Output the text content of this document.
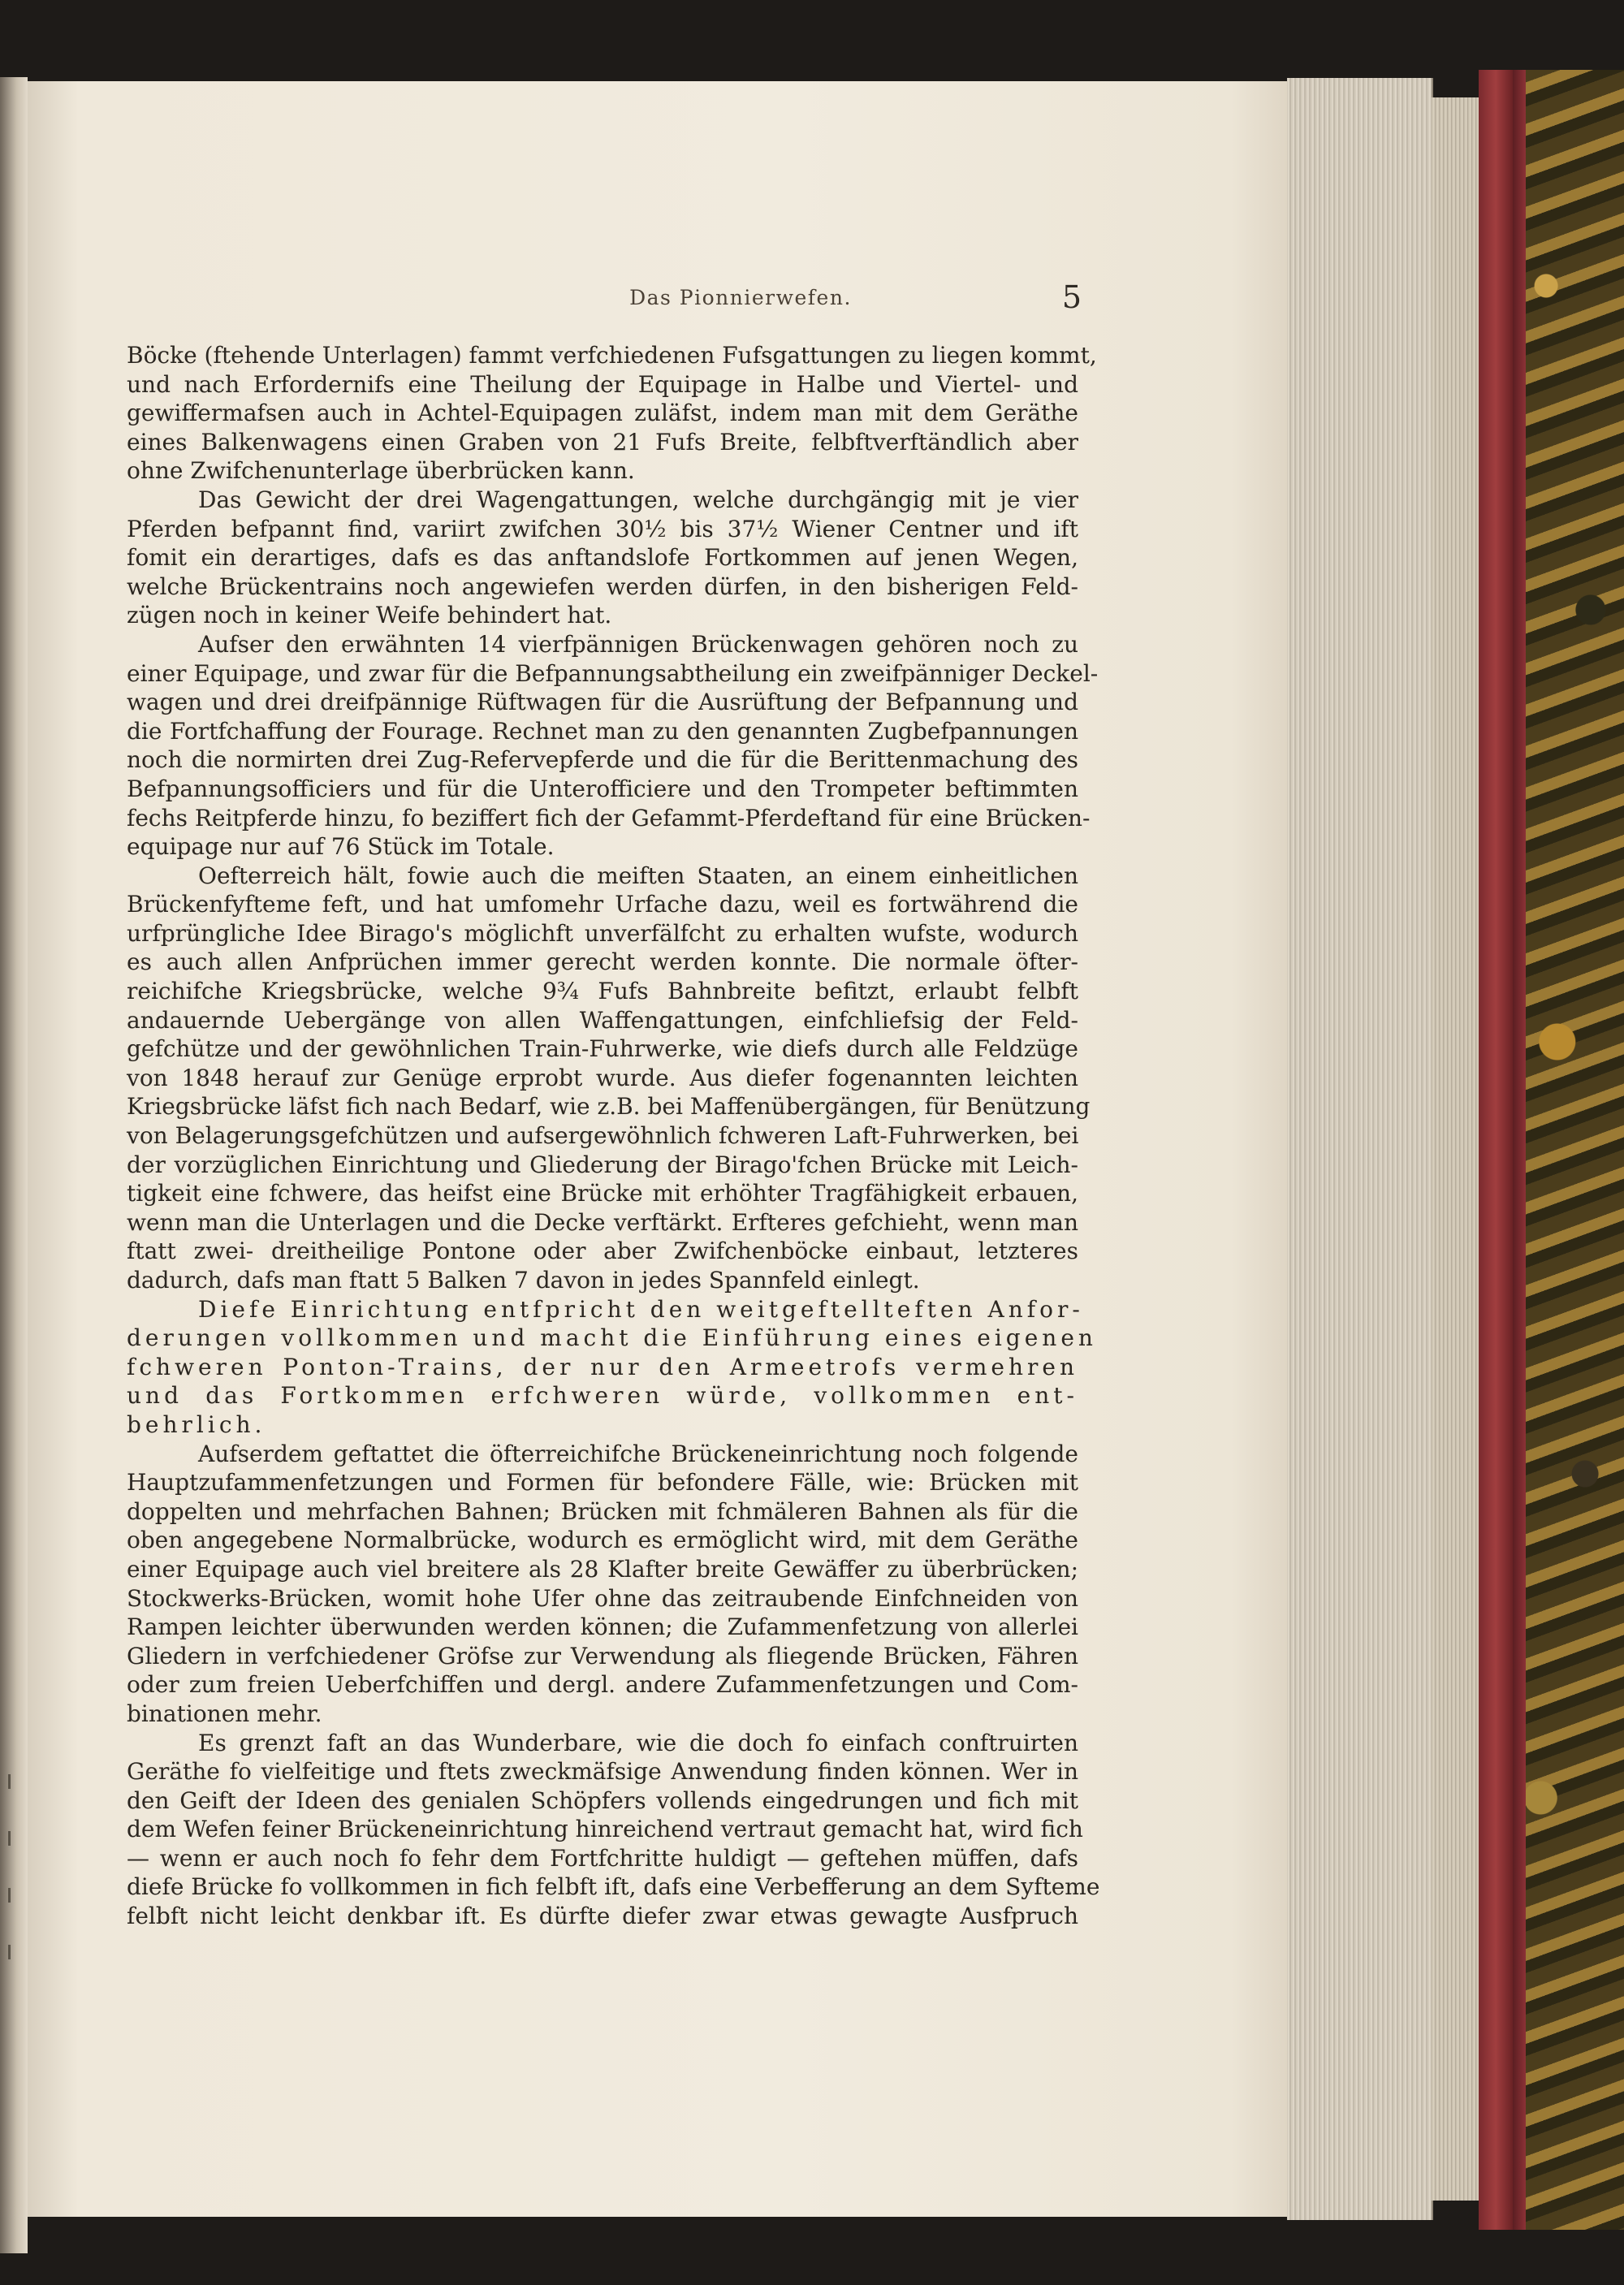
Das Pionnierwefen.	5
Böcke (ftehende Unterlagen) fammt verfchiedenen Fufsgattungen zu liegen kommt,
und nach Erfordernifs eine Theilung der Equipage in Halbe und Viertel- und
gewiffermafsen auch in Achtel-Equipagen zuläfst, indem man mit dem Geräthe
eines Balkenwagens einen Graben von 21 Fufs Breite, felbftverftändlich aber
ohne Zwifchenunterlage überbrücken kann.
Das Gewicht der drei Wagengattungen, welche durchgängig mit je vier
Pferden befpannt find, variirt zwifchen 30½ bis 37½ Wiener Centner und ift
fomit ein derartiges, dafs es das anftandslofe Fortkommen auf jenen Wegen,
welche Brückentrains noch angewiefen werden dürfen, in den bisherigen Feld-
zügen noch in keiner Weife behindert hat.
Aufser den erwähnten 14 vierfpännigen Brückenwagen gehören noch zu
einer Equipage, und zwar für die Befpannungsabtheilung ein zweifpänniger Deckel-
wagen und drei dreifpännige Rüftwagen für die Ausrüftung der Befpannung und
die Fortfchaffung der Fourage. Rechnet man zu den genannten Zugbefpannungen
noch die normirten drei Zug-Refervepferde und die für die Berittenmachung des
Befpannungsofficiers und für die Unterofficiere und den Trompeter beftimmten
fechs Reitpferde hinzu, fo beziffert fich der Gefammt-Pferdeftand für eine Brücken-
equipage nur auf 76 Stück im Totale.
Oefterreich hält, fowie auch die meiften Staaten, an einem einheitlichen
Brückenfyfteme feft, und hat umfomehr Urfache dazu, weil es fortwährend die
urfprüngliche Idee Birago's möglichft unverfälfcht zu erhalten wufste, wodurch
es auch allen Anfprüchen immer gerecht werden konnte. Die normale öfter-
reichifche Kriegsbrücke, welche 9¾ Fufs Bahnbreite befitzt, erlaubt felbft
andauernde Uebergänge von allen Waffengattungen, einfchliefsig der Feld-
gefchütze und der gewöhnlichen Train-Fuhrwerke, wie diefs durch alle Feldzüge
von 1848 herauf zur Genüge erprobt wurde. Aus diefer fogenannten leichten
Kriegsbrücke läfst fich nach Bedarf, wie z.B. bei Maffenübergängen, für Benützung
von Belagerungsgefchützen und aufsergewöhnlich fchweren Laft-Fuhrwerken, bei
der vorzüglichen Einrichtung und Gliederung der Birago'fchen Brücke mit Leich-
tigkeit eine fchwere, das heifst eine Brücke mit erhöhter Tragfähigkeit erbauen,
wenn man die Unterlagen und die Decke verftärkt. Erfteres gefchieht, wenn man
ftatt zwei- dreitheilige Pontone oder aber Zwifchenböcke einbaut, letzteres
dadurch, dafs man ftatt 5 Balken 7 davon in jedes Spannfeld einlegt.
Diefe Einrichtung entfpricht den weitgeftellteften Anfor-
derungen vollkommen und macht die Einführung eines eigenen
fchweren Ponton-Trains, der nur den Armeetrofs vermehren
und das Fortkommen erfchweren würde, vollkommen ent-
behrlich.
Aufserdem geftattet die öfterreichifche Brückeneinrichtung noch folgende
Hauptzufammenfetzungen und Formen für befondere Fälle, wie: Brücken mit
doppelten und mehrfachen Bahnen; Brücken mit fchmäleren Bahnen als für die
oben angegebene Normalbrücke, wodurch es ermöglicht wird, mit dem Geräthe
einer Equipage auch viel breitere als 28 Klafter breite Gewäffer zu überbrücken;
Stockwerks-Brücken, womit hohe Ufer ohne das zeitraubende Einfchneiden von
Rampen leichter überwunden werden können; die Zufammenfetzung von allerlei
Gliedern in verfchiedener Gröfse zur Verwendung als fliegende Brücken, Fähren
oder zum freien Ueberfchiffen und dergl. andere Zufammenfetzungen und Com-
binationen mehr.
Es grenzt faft an das Wunderbare, wie die doch fo einfach conftruirten
Geräthe fo vielfeitige und ftets zweckmäfsige Anwendung finden können. Wer in
den Geift der Ideen des genialen Schöpfers vollends eingedrungen und fich mit
dem Wefen feiner Brückeneinrichtung hinreichend vertraut gemacht hat, wird fich
— wenn er auch noch fo fehr dem Fortfchritte huldigt — geftehen müffen, dafs
diefe Brücke fo vollkommen in fich felbft ift, dafs eine Verbefferung an dem Syfteme
felbft nicht leicht denkbar ift. Es dürfte diefer zwar etwas gewagte Ausfpruch
